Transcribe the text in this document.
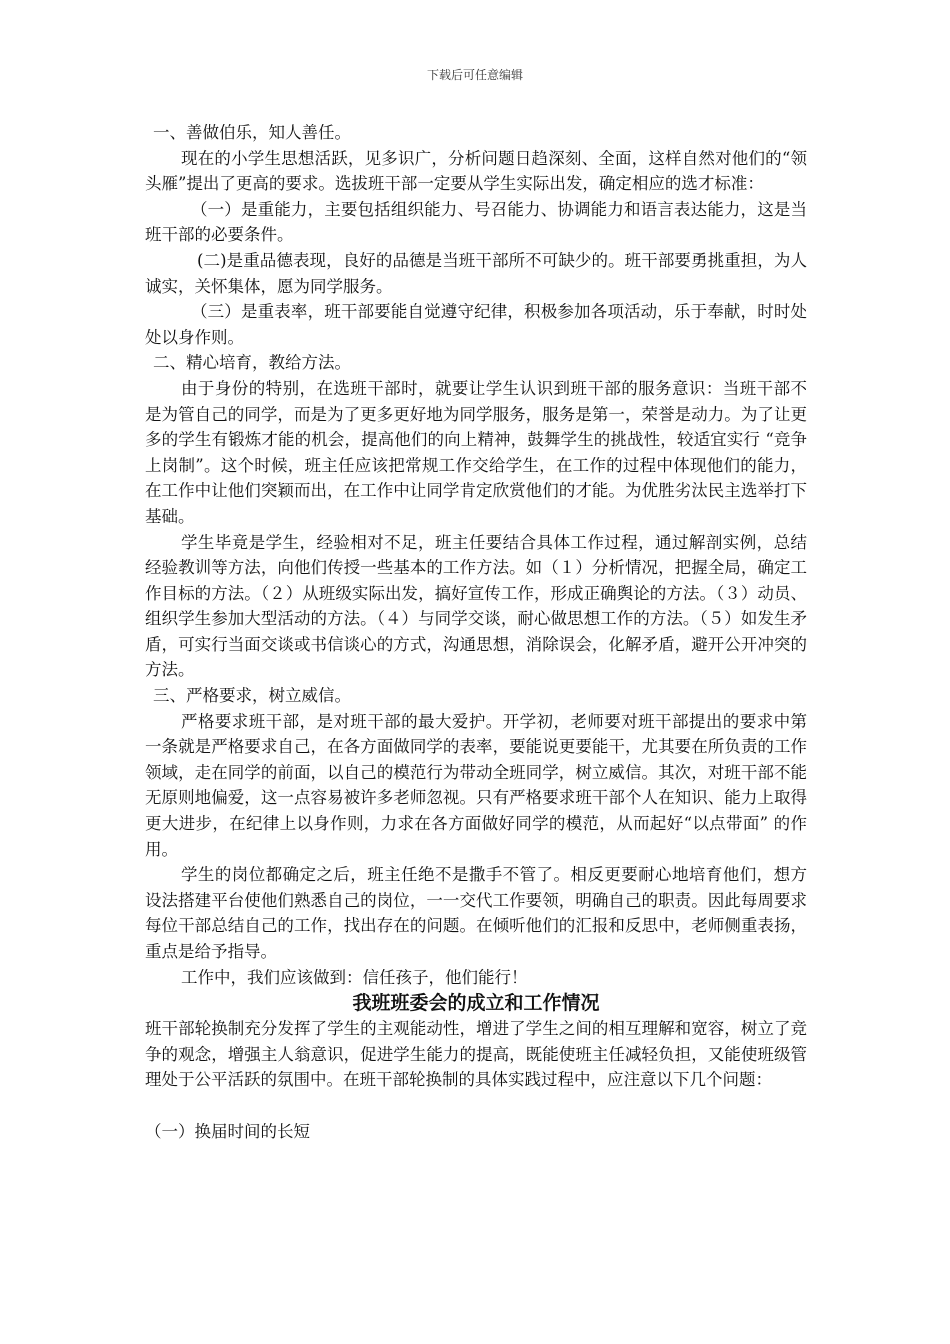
下载后可任意编辑

一、善做伯乐，知人善任。

现在的小学生思想活跃，见多识广，分析问题日趋深刻、全面，这样自然对他们的“领头雁”提出了更高的要求。选拔班干部一定要从学生实际出发，确定相应的选才标准：

（一）是重能力，主要包括组织能力、号召能力、协调能力和语言表达能力，这是当班干部的必要条件。

(二)是重品德表现，良好的品德是当班干部所不可缺少的。班干部要勇挑重担，为人诚实，关怀集体，愿为同学服务。

（三）是重表率，班干部要能自觉遵守纪律，积极参加各项活动，乐于奉献，时时处处以身作则。

二、精心培育，教给方法。

由于身份的特别，在选班干部时，就要让学生认识到班干部的服务意识：当班干部不是为管自己的同学，而是为了更多更好地为同学服务，服务是第一，荣誉是动力。为了让更多的学生有锻炼才能的机会，提高他们的向上精神，鼓舞学生的挑战性，较适宜实行 “竞争上岗制”。这个时候，班主任应该把常规工作交给学生，在工作的过程中体现他们的能力，在工作中让他们突颖而出，在工作中让同学肯定欣赏他们的才能。为优胜劣汰民主选举打下基础。

学生毕竟是学生，经验相对不足，班主任要结合具体工作过程，通过解剖实例，总结经验教训等方法，向他们传授一些基本的工作方法。如（１）分析情况，把握全局，确定工作目标的方法。（２）从班级实际出发，搞好宣传工作，形成正确舆论的方法。（３）动员、组织学生参加大型活动的方法。（４）与同学交谈，耐心做思想工作的方法。（５）如发生矛盾，可实行当面交谈或书信谈心的方式，沟通思想，消除误会，化解矛盾，避开公开冲突的方法。

三、严格要求，树立威信。

严格要求班干部，是对班干部的最大爱护。开学初，老师要对班干部提出的要求中第一条就是严格要求自己，在各方面做同学的表率，要能说更要能干，尤其要在所负责的工作领域，走在同学的前面，以自己的模范行为带动全班同学，树立威信。其次，对班干部不能无原则地偏爱，这一点容易被许多老师忽视。只有严格要求班干部个人在知识、能力上取得更大进步，在纪律上以身作则，力求在各方面做好同学的模范，从而起好“以点带面” 的作用。

学生的岗位都确定之后，班主任绝不是撒手不管了。相反更要耐心地培育他们，想方设法搭建平台使他们熟悉自己的岗位，一一交代工作要领，明确自己的职责。因此每周要求每位干部总结自己的工作，找出存在的问题。在倾听他们的汇报和反思中，老师侧重表扬，重点是给予指导。

工作中，我们应该做到：信任孩子，他们能行！

我班班委会的成立和工作情况

班干部轮换制充分发挥了学生的主观能动性，增进了学生之间的相互理解和宽容，树立了竞争的观念，增强主人翁意识，促进学生能力的提高，既能使班主任减轻负担，又能使班级管理处于公平活跃的氛围中。在班干部轮换制的具体实践过程中，应注意以下几个问题：

（一）换届时间的长短
